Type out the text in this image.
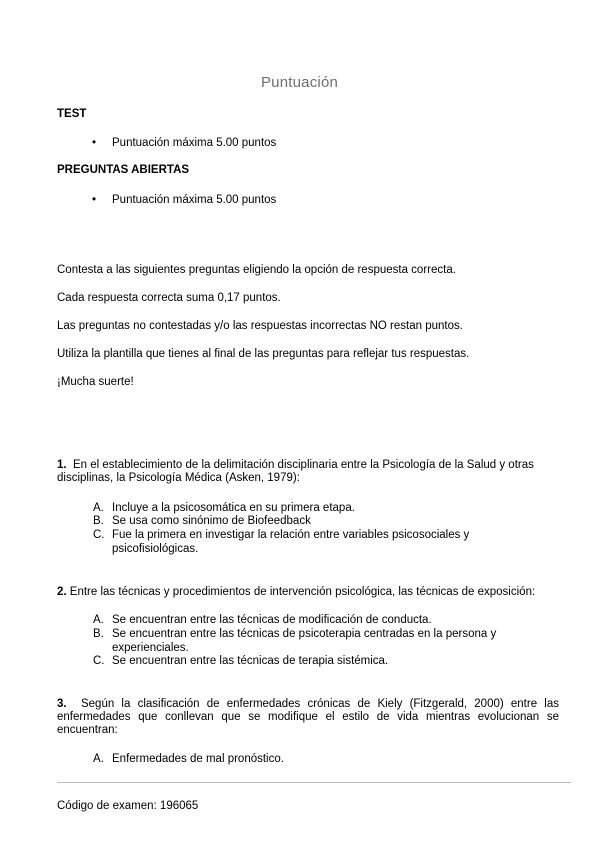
Puntuación
TEST
• Puntuación máxima 5.00 puntos
PREGUNTAS ABIERTAS
• Puntuación máxima 5.00 puntos
Contesta a las siguientes preguntas eligiendo la opción de respuesta correcta.
Cada respuesta correcta suma 0,17 puntos.
Las preguntas no contestadas y/o las respuestas incorrectas NO restan puntos.
Utiliza la plantilla que tienes al final de las preguntas para reflejar tus respuestas.
¡Mucha suerte!
1. En el establecimiento de la delimitación disciplinaria entre la Psicología de la Salud y otras disciplinas, la Psicología Médica (Asken, 1979):
A. Incluye a la psicosomática en su primera etapa.
B. Se usa como sinónimo de Biofeedback
C. Fue la primera en investigar la relación entre variables psicosociales y psicofisiológicas.
2. Entre las técnicas y procedimientos de intervención psicológica, las técnicas de exposición:
A. Se encuentran entre las técnicas de modificación de conducta.
B. Se encuentran entre las técnicas de psicoterapia centradas en la persona y experienciales.
C. Se encuentran entre las técnicas de terapia sistémica.
3. Según la clasificación de enfermedades crónicas de Kiely (Fitzgerald, 2000) entre las enfermedades que conllevan que se modifique el estilo de vida mientras evolucionan se encuentran:
A. Enfermedades de mal pronóstico.
Código de examen: 196065
